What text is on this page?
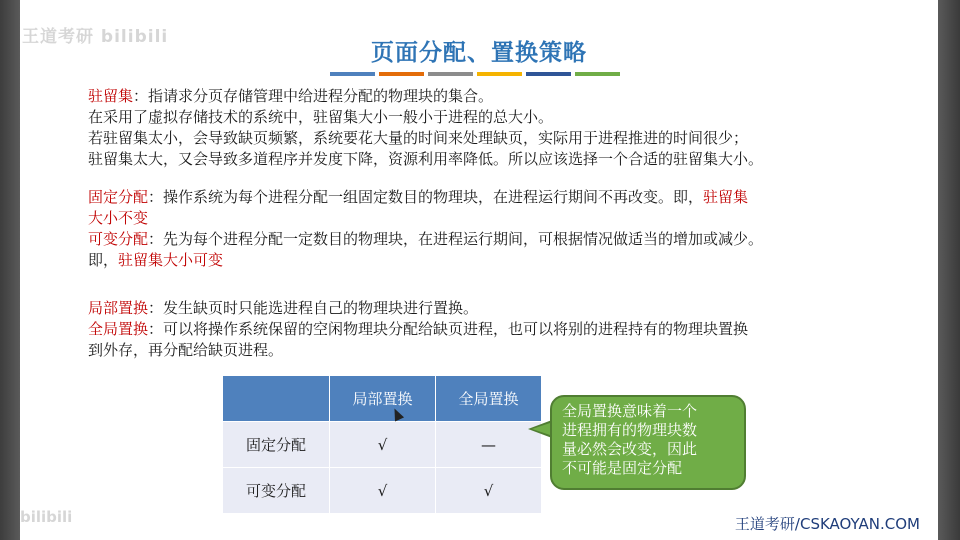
王道考研 bilibili
bilibili
页面分配、置换策略

驻留集：指请求分页存储管理中给进程分配的物理块的集合。

在采用了虚拟存储技术的系统中，驻留集大小一般小于进程的总大小。

若驻留集太小，会导致缺页频繁，系统要花大量的时间来处理缺页，实际用于进程推进的时间很少；

驻留集太大，又会导致多道程序并发度下降，资源利用率降低。所以应该选择一个合适的驻留集大小。

固定分配：操作系统为每个进程分配一组固定数目的物理块，在进程运行期间不再改变。即，驻留集
大小不变

可变分配：先为每个进程分配一定数目的物理块，在进程运行期间，可根据情况做适当的增加或减少。
即，驻留集大小可变

局部置换：发生缺页时只能选进程自己的物理块进行置换。

全局置换：可以将操作系统保留的空闲物理块分配给缺页进程，也可以将别的进程持有的物理块置换
到外存，再分配给缺页进程。

	局部置换	全局置换
固定分配	√	—
可变分配	√	√
全局置换意味着一个
进程拥有的物理块数
量必然会改变，因此
不可能是固定分配
王道考研/CSKAOYAN.COM
